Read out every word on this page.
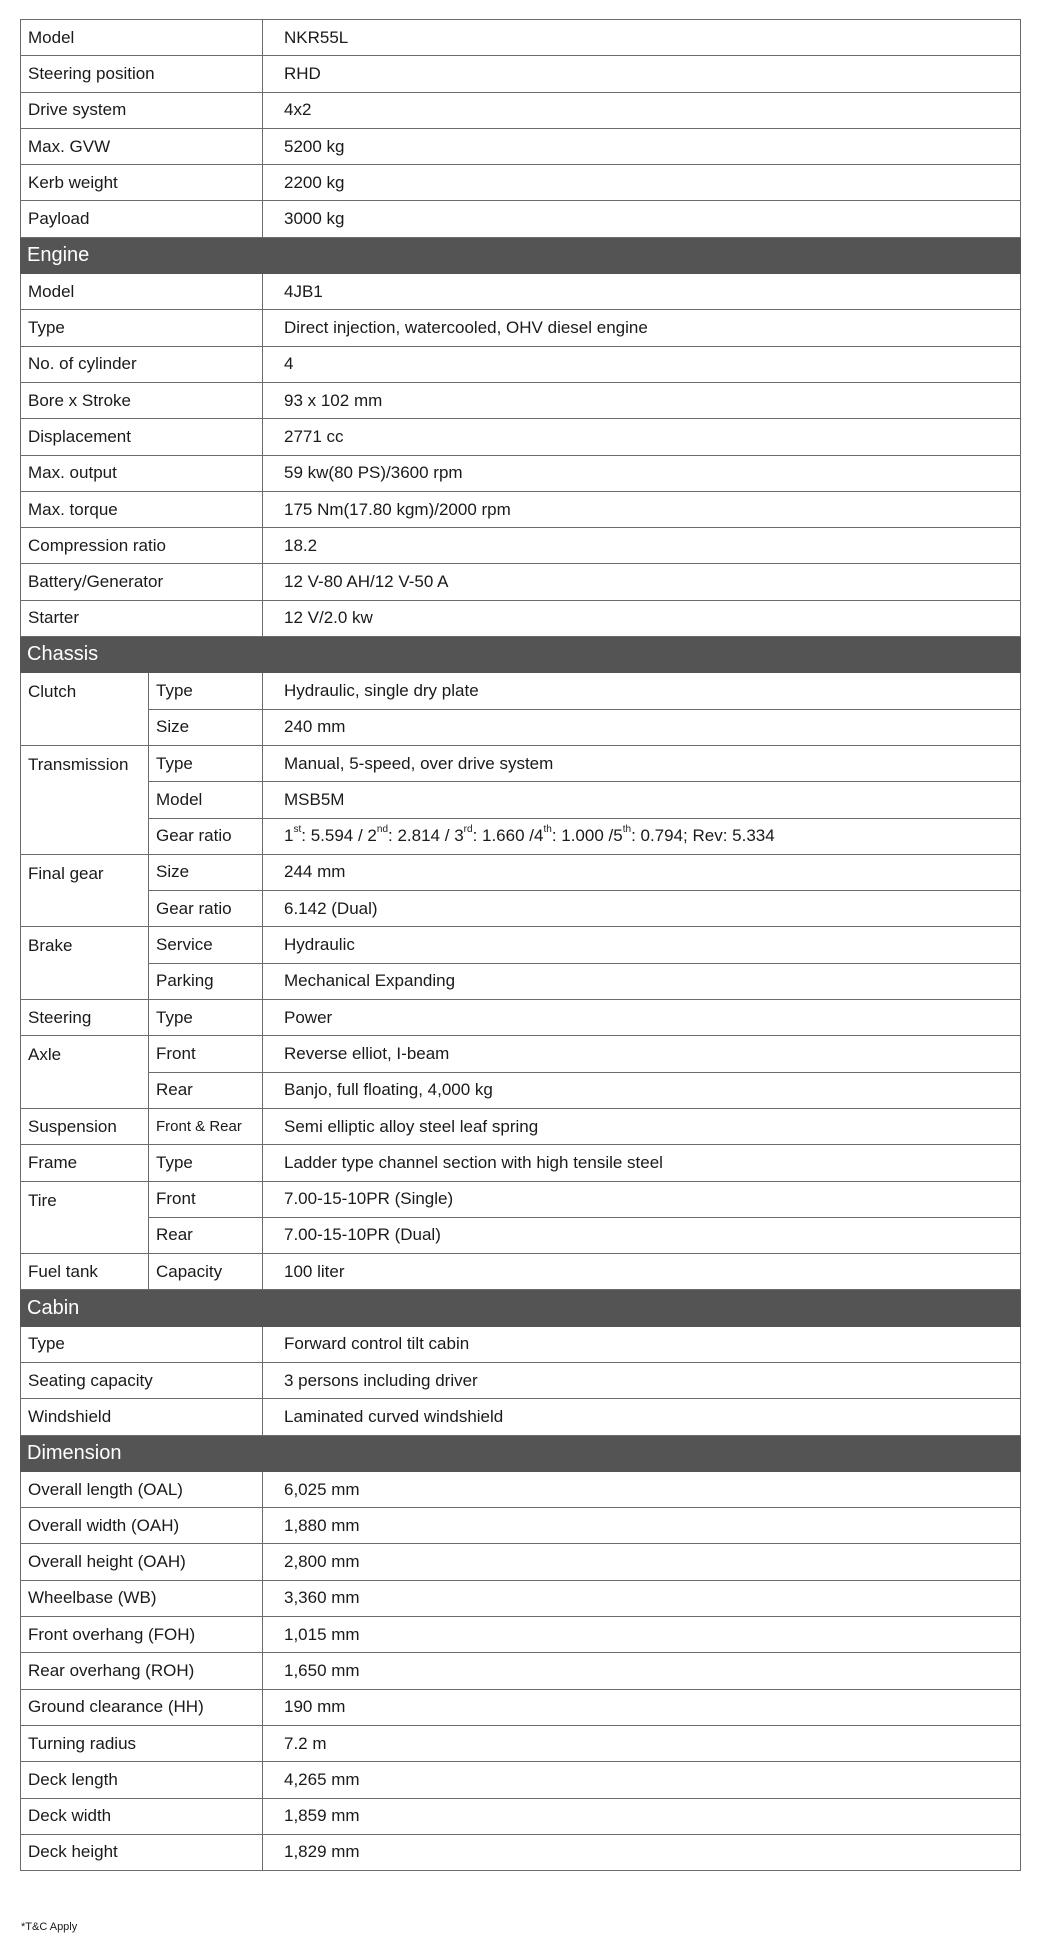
Model		NKR55L
Steering position		RHD
Drive system		4x2
Max. GVW		5200 kg
Kerb weight		2200 kg
Payload		3000 kg
Engine		
Model		4JB1
Type		Direct injection, watercooled, OHV diesel engine
No. of cylinder		4
Bore x Stroke		93 x 102 mm
Displacement		2771 cc
Max. output		59 kw(80 PS)/3600 rpm
Max. torque		175 Nm(17.80 kgm)/2000 rpm
Compression ratio		18.2
Battery/Generator		12 V-80 AH/12 V-50 A
Starter		12 V/2.0 kw
Chassis		
Clutch	Type	Hydraulic, single dry plate
	Size	240 mm
Transmission	Type	Manual, 5-speed, over drive system
	Model	MSB5M
	Gear ratio	1st: 5.594 / 2nd: 2.814 / 3rd: 1.660 /4th: 1.000 /5th: 0.794; Rev: 5.334
Final gear	Size	244 mm
	Gear ratio	6.142 (Dual)
Brake	Service	Hydraulic
	Parking	Mechanical Expanding
Steering	Type	Power
Axle	Front	Reverse elliot, I-beam
	Rear	Banjo, full floating, 4,000 kg
Suspension	Front & Rear	Semi elliptic alloy steel leaf spring
Frame	Type	Ladder type channel section with high tensile steel
Tire	Front	7.00-15-10PR (Single)
	Rear	7.00-15-10PR (Dual)
Fuel tank	Capacity	100 liter
Cabin		
Type		Forward control tilt cabin
Seating capacity		3 persons including driver
Windshield		Laminated curved windshield
Dimension		
Overall length (OAL)		6,025 mm
Overall width (OAH)		1,880 mm
Overall height (OAH)		2,800 mm
Wheelbase (WB)		3,360 mm
Front overhang (FOH)		1,015 mm
Rear overhang (ROH)		1,650 mm
Ground clearance (HH)		190 mm
Turning radius		7.2 m
Deck length		4,265 mm
Deck width		1,859 mm
Deck height		1,829 mm
*T&C Apply
